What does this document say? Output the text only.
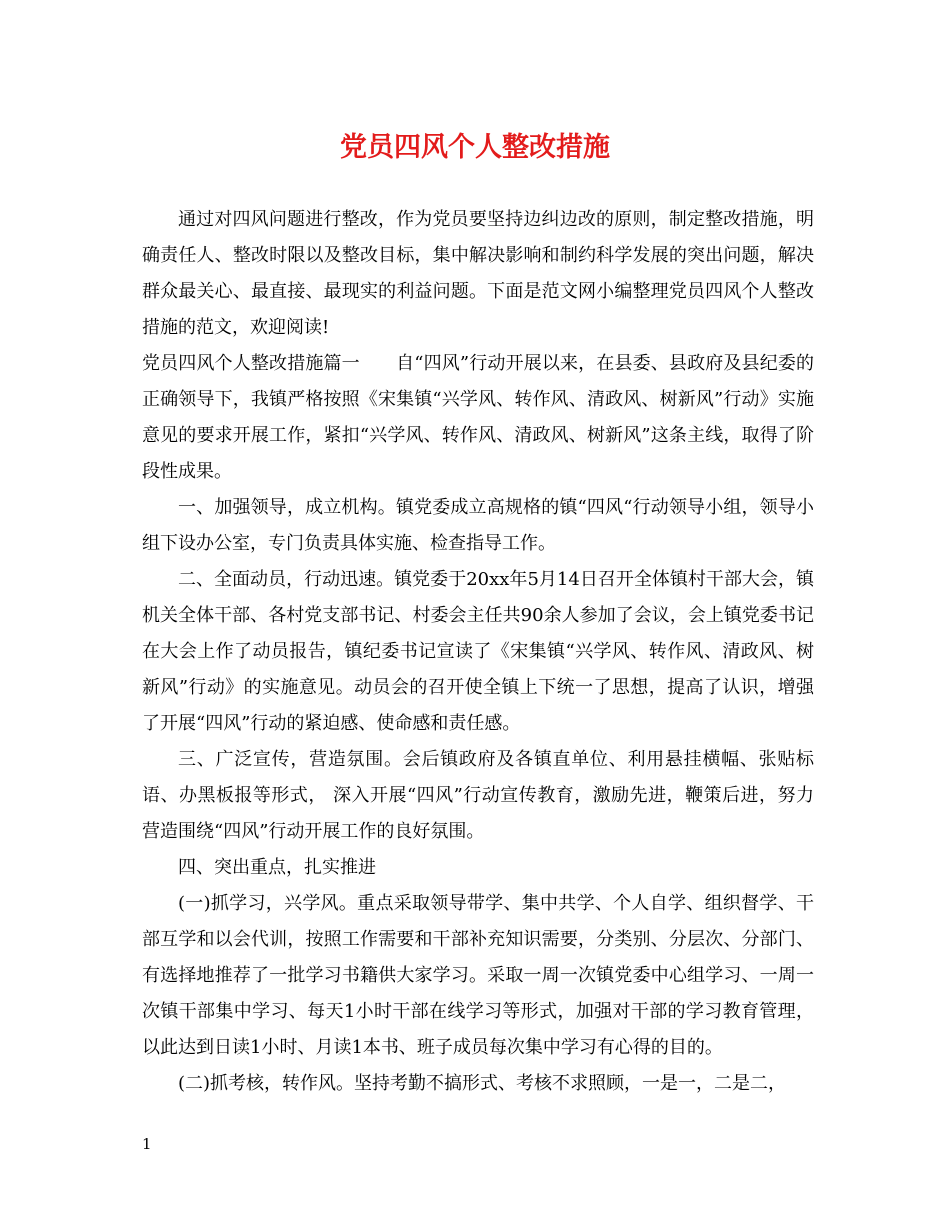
党员四风个人整改措施

通过对四风问题进行整改，作为党员要坚持边纠边改的原则，制定整改措施，明确责任人、整改时限以及整改目标，集中解决影响和制约科学发展的突出问题，解决群众最关心、最直接、最现实的利益问题。下面是范文网小编整理党员四风个人整改措施的范文，欢迎阅读!

党员四风个人整改措施篇一　　自“四风”行动开展以来，在县委、县政府及县纪委的正确领导下，我镇严格按照《宋集镇“兴学风、转作风、清政风、树新风”行动》实施意见的要求开展工作，紧扣“兴学风、转作风、清政风、树新风”这条主线，取得了阶段性成果。

一、加强领导，成立机构。镇党委成立高规格的镇“四风“行动领导小组，领导小组下设办公室，专门负责具体实施、检查指导工作。

二、全面动员，行动迅速。镇党委于20xx年5月14日召开全体镇村干部大会，镇机关全体干部、各村党支部书记、村委会主任共90余人参加了会议，会上镇党委书记在大会上作了动员报告，镇纪委书记宣读了《宋集镇“兴学风、转作风、清政风、树新风”行动》的实施意见。动员会的召开使全镇上下统一了思想，提高了认识，增强了开展“四风”行动的紧迫感、使命感和责任感。

三、广泛宣传，营造氛围。会后镇政府及各镇直单位、利用悬挂横幅、张贴标语、办黑板报等形式， 深入开展“四风”行动宣传教育，激励先进，鞭策后进，努力营造围绕“四风”行动开展工作的良好氛围。

四、突出重点，扎实推进

(一)抓学习，兴学风。重点采取领导带学、集中共学、个人自学、组织督学、干部互学和以会代训，按照工作需要和干部补充知识需要，分类别、分层次、分部门、有选择地推荐了一批学习书籍供大家学习。采取一周一次镇党委中心组学习、一周一次镇干部集中学习、每天1小时干部在线学习等形式，加强对干部的学习教育管理，以此达到日读1小时、月读1本书、班子成员每次集中学习有心得的目的。

(二)抓考核，转作风。坚持考勤不搞形式、考核不求照顾，一是一，二是二，

1
